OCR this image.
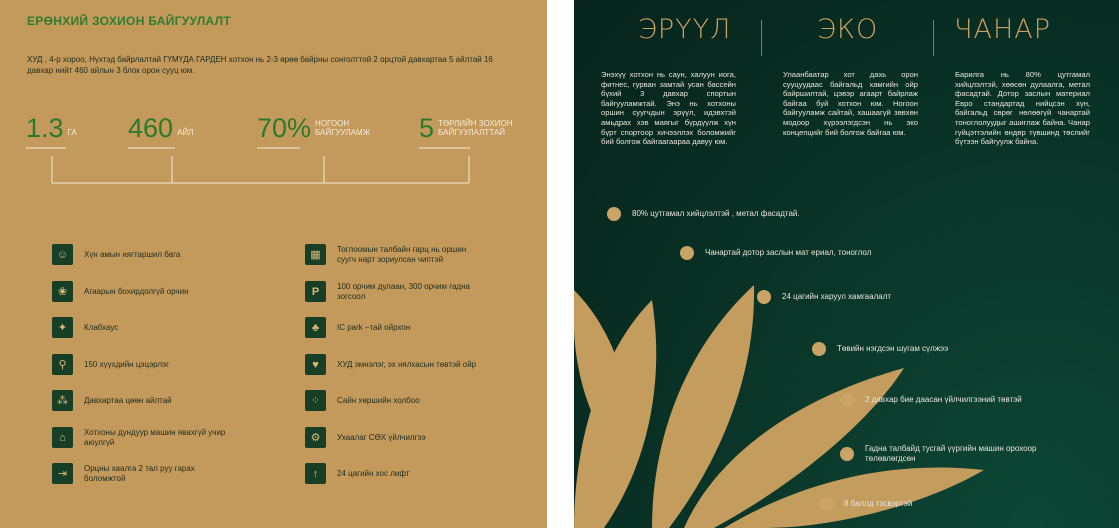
ЕРӨНХИЙ ЗОХИОН БАЙГУУЛАЛТ
ХУД , 4-р хороо, Нүхтэд байрлалтай ГҮМҮДА ГАРДЕН хотхон нь 2-3 өрөө байрны сонголттой 2 орцтой давхартаа 5 айлтай 16 давхар нийт 460 айлын 3 блок орон сууц юм.
1.3 ГА 460 АЙЛ 70% НОГООН БАЙГУУЛАМЖ	5 ТӨРЛИЙН ЗОХИОН БАЙГУУЛАЛТТАЙ
☺	Хүн амын нягтаршил бага
❀	Агаарын бохирдолгүй орчин
✦	Клабхаус
⚲	150 хүүхдийн цэцэрлэг
⁂	Давхартаа цөөн айлтай
⌂	Хотхоны дундуур машин явахгүй учир аюулгүй
⇥	Орцны хаалга 2 тал руу гарах боломжтой
▦	Тоглоомын талбайн гарц нь оршин суугч нарт зориулсан чиптэй
P	100 орчим дулаан, 300 орчим гадна зогсоол
♣	IC park –тай ойрхон
♥	ХУД эмнэлэг, эх нялхасын төвтэй ойр
⁘	Сайн хөршийн холбоо
⚙	Ухаалаг СӨХ үйлчилгээ
↑	24 цагийн хос лифт
ЭРҮҮЛ	ЭКО	ЧАНАР
Энэхүү хотхон нь саун, халуун иога, фитнес, гурван замтай усан бассейн бүхий 3 давхар спортын байгууламжтай. Энэ нь хотхоны оршин суугчдын эрүүл, идэвхтэй амьдрах хэв маягыг бүрдүүлж хүн бүрт спортоор хичээллэх боломжийг бий болгож байгаагаараа давуу юм.
Улаанбаатар хот дахь орон сууцуудаас байгальд хамгийн ойр байршилтай, цэвэр агаарт байрлаж байгаа буй хотхон юм. Ногоон байгууламж сайтай, хашаагүй зөвхөн модоор хүрээлэгдсэн нь эко концепцийг бий болгож байгаа юм.
Барилга нь 80% цутгамал хийцлэлтэй, хөөсөн дулаалга, метал фасадтай. Дотор заслын материал Евро стандартад нийцсэн хүн, байгальд сөрөг нөлөөгүй чанартай тоноглолуудыг ашиглаж байна. Чанар гүйцэтгэлийн өндөр түвшинд төслийг бүтээн байгуулж байна.
80% цутгамал хийцлэлтэй , метал фасадтай.
Чанартай дотор заслын мат ериал, тоноглол
24 цагийн харуул хамгаалалт
Төвийн нэгдсэн шугам сүлжээ
2 давхар бие даасан үйлчилгээний төвтэй
Гадна талбайд тусгай үүргийн машин орохоор төлөвлөгдсөн
8 баллд тэсвэртэй
